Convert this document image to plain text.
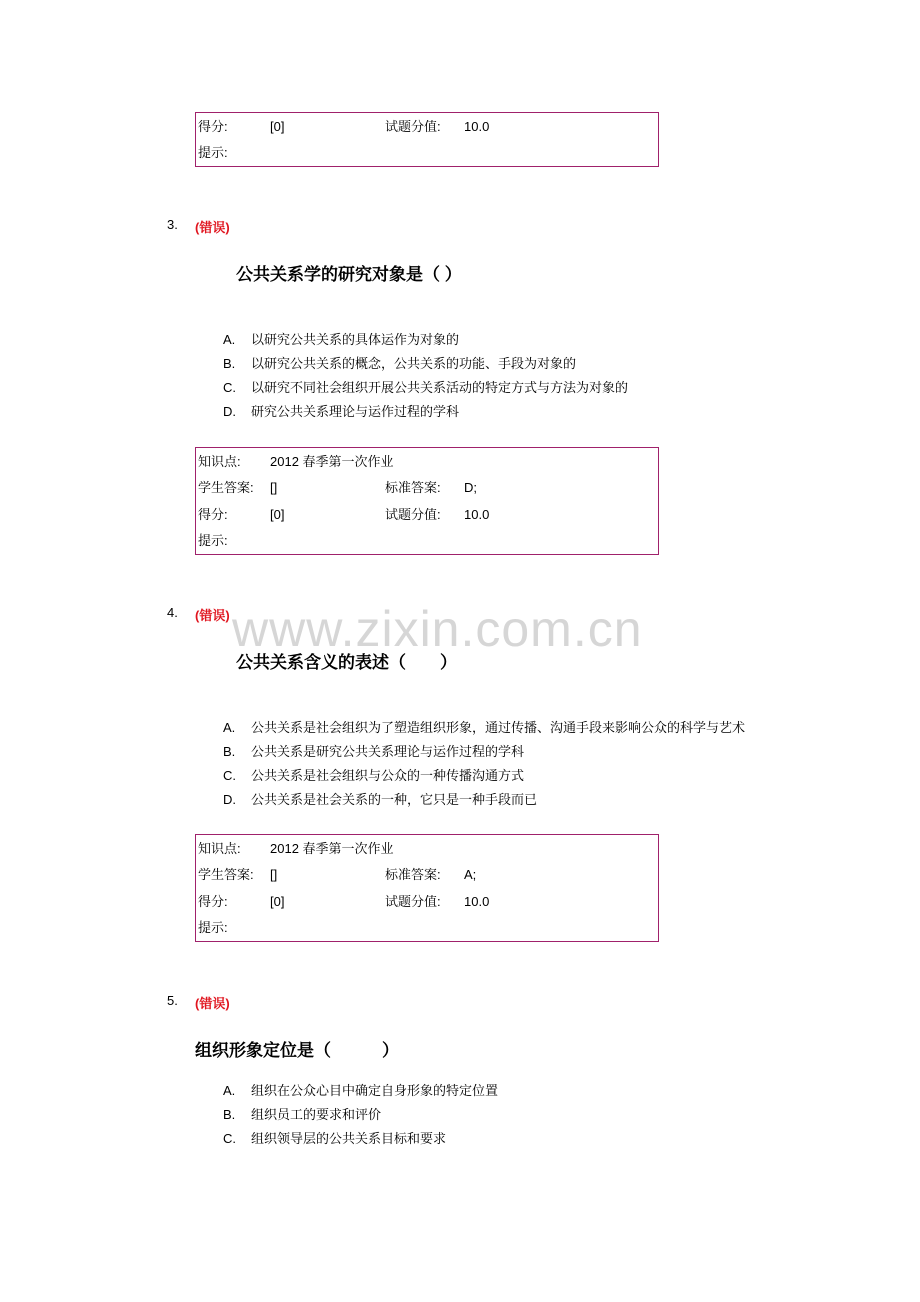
www.zixin.com.cn
得分:	[0]	试题分值: 10.0
提示:
3. (错误)
公共关系学的研究对象是（ ）
A. 以研究公共关系的具体运作为对象的
B. 以研究公共关系的概念，公共关系的功能、手段为对象的
C. 以研究不同社会组织开展公共关系活动的特定方式与方法为对象的
D. 研究公共关系理论与运作过程的学科
知识点: 2012 春季第一次作业
学生答案: []	标准答案: D;
得分:	[0]	试题分值: 10.0
提示:
4. (错误)
公共关系含义的表述（　　）
A. 公共关系是社会组织为了塑造组织形象，通过传播、沟通手段来影响公众的科学与艺术
B. 公共关系是研究公共关系理论与运作过程的学科
C. 公共关系是社会组织与公众的一种传播沟通方式
D. 公共关系是社会关系的一种，它只是一种手段而已
知识点: 2012 春季第一次作业
学生答案: []	标准答案: A;
得分:	[0]	试题分值: 10.0
提示:
5. (错误)
组织形象定位是（　　　）
A. 组织在公众心目中确定自身形象的特定位置
B. 组织员工的要求和评价
C. 组织领导层的公共关系目标和要求
